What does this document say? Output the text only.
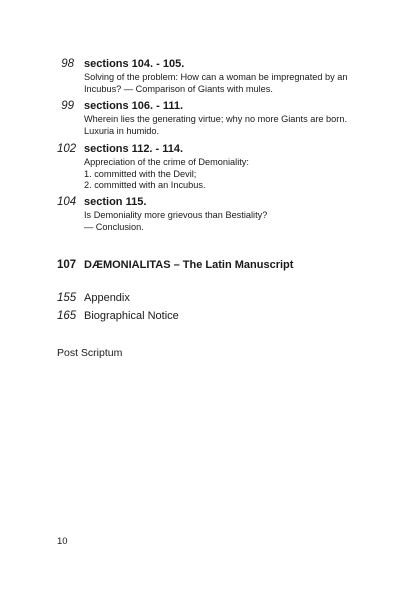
98 sections 104. - 105.
Solving of the problem: How can a woman be impregnated by an
Incubus? — Comparison of Giants with mules.
99 sections 106. - 111.
Wherein lies the generating virtue; why no more Giants are born.
Luxuria in humido.
102 sections 112. - 114.
Appreciation of the crime of Demoniality:
1. committed with the Devil;
2. committed with an Incubus.
104 section 115.
Is Demoniality more grievous than Bestiality?
— Conclusion.
107 DÆMONIALITAS – The Latin Manuscript
155 Appendix
165 Biographical Notice
Post Scriptum
10
